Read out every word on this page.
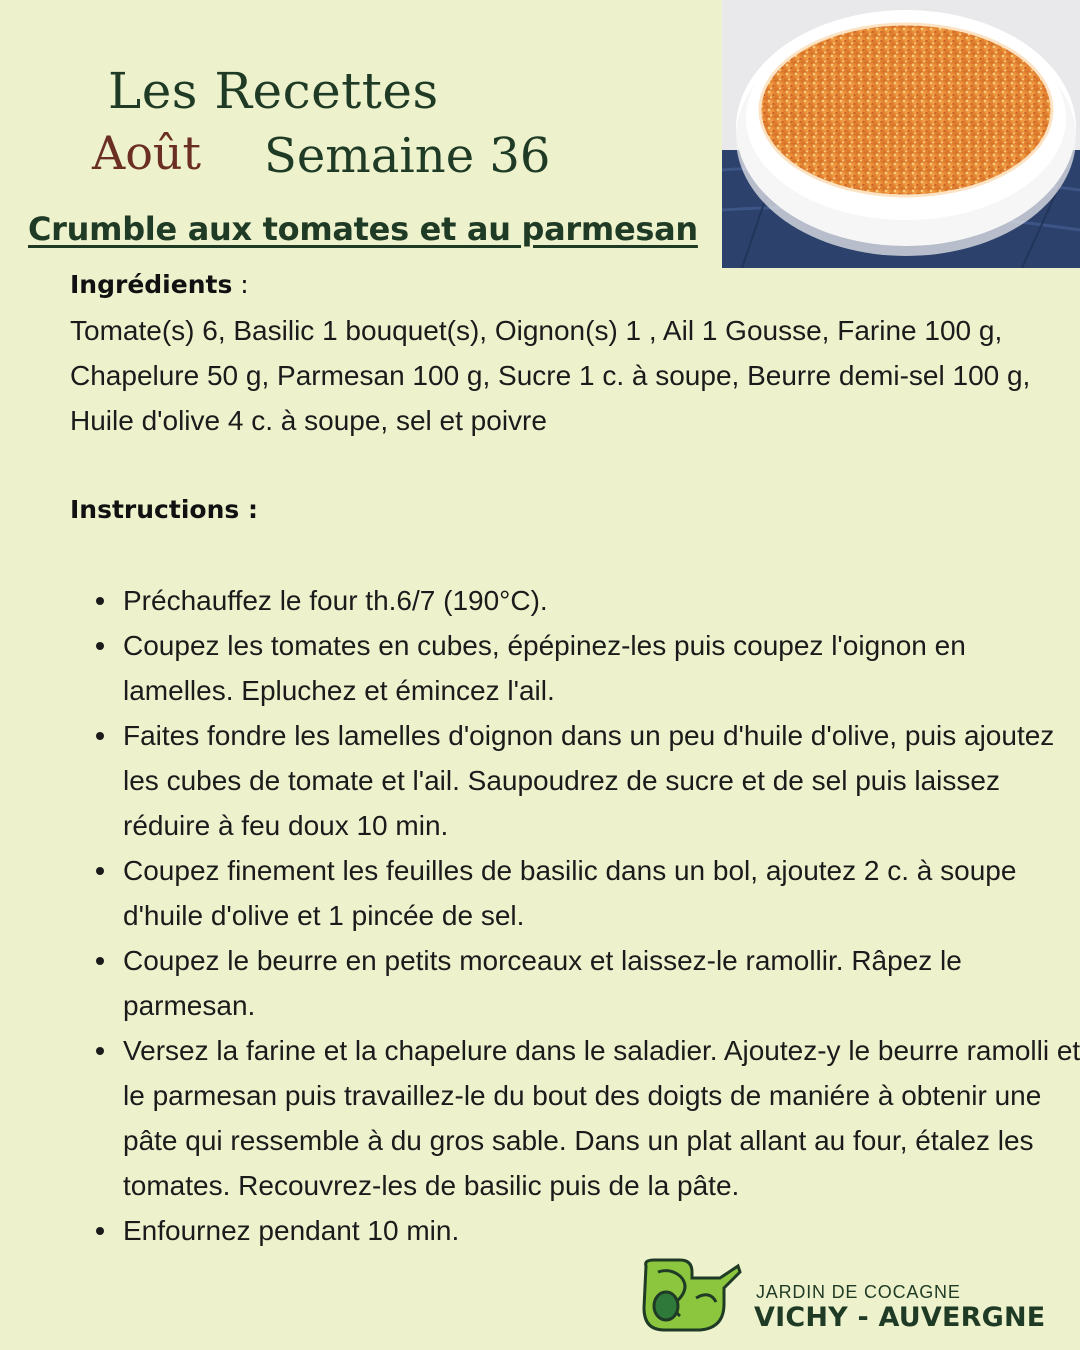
Les Recettes
Août Semaine 36
Crumble aux tomates et au parmesan
Ingrédients :
Tomate(s) 6, Basilic 1 bouquet(s), Oignon(s) 1 , Ail 1 Gousse, Farine 100 g, Chapelure 50 g, Parmesan 100 g, Sucre 1 c. à soupe, Beurre demi-sel 100 g, Huile d'olive 4 c. à soupe, sel et poivre
Instructions :
Préchauffez le four th.6/7 (190°C).
Coupez les tomates en cubes, épépinez-les puis coupez l'oignon en lamelles. Epluchez et émincez l'ail.
Faites fondre les lamelles d'oignon dans un peu d'huile d'olive, puis ajoutez les cubes de tomate et l'ail. Saupoudrez de sucre et de sel puis laissez réduire à feu doux 10 min.
Coupez finement les feuilles de basilic dans un bol, ajoutez 2 c. à soupe d'huile d'olive et 1 pincée de sel.
Coupez le beurre en petits morceaux et laissez-le ramollir. Râpez le parmesan.
Versez la farine et la chapelure dans le saladier. Ajoutez-y le beurre ramolli et le parmesan puis travaillez-le du bout des doigts de maniére à obtenir une pâte qui ressemble à du gros sable. Dans un plat allant au four, étalez les tomates. Recouvrez-les de basilic puis de la pâte.
Enfournez pendant 10 min.
JARDIN DE COCAGNE
VICHY - AUVERGNE
